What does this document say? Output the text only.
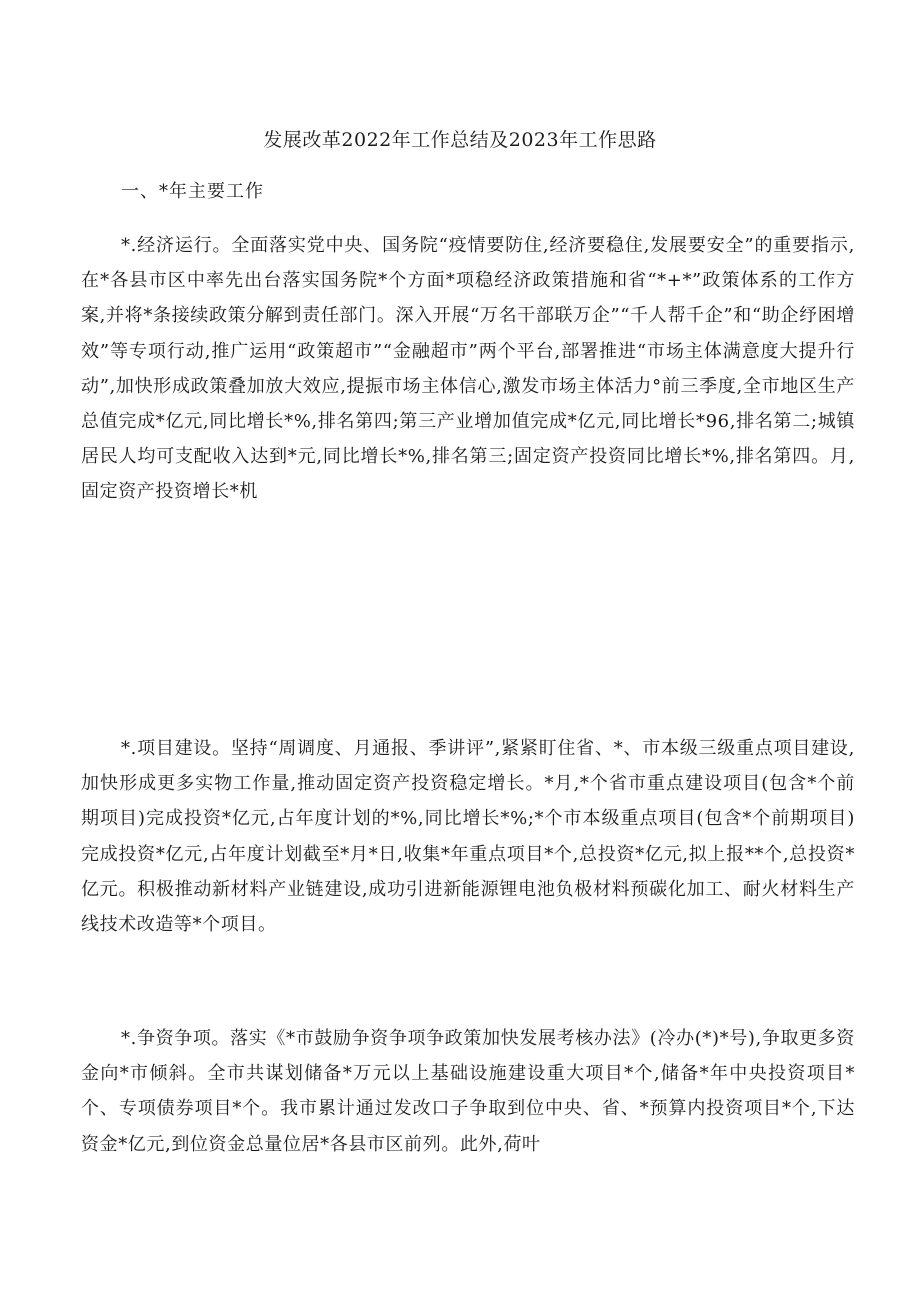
发展改革2022年工作总结及2023年工作思路
一、*年主要工作

*.经济运行。全面落实党中央、国务院“疫情要防住,经济要稳住,发展要安全”的重要指示,在*各县市区中率先出台落实国务院*个方面*项稳经济政策措施和省“*+*”政策体系的工作方案,并将*条接续政策分解到责任部门。深入开展“万名干部联万企”“千人帮千企”和“助企纾困增效”等专项行动,推广运用“政策超市”“金融超市”两个平台,部署推进“市场主体满意度大提升行动”,加快形成政策叠加放大效应,提振市场主体信心,激发市场主体活力°前三季度,全市地区生产总值完成*亿元,同比增长*%,排名第四;第三产业增加值完成*亿元,同比增长*96,排名第二;城镇居民人均可支配收入达到*元,同比增长*%,排名第三;固定资产投资同比增长*%,排名第四。月,固定资产投资增长*机

*.项目建设。坚持“周调度、月通报、季讲评”,紧紧盯住省、*、市本级三级重点项目建设,加快形成更多实物工作量,推动固定资产投资稳定增长。*月,*个省市重点建设项目(包含*个前期项目)完成投资*亿元,占年度计划的*%,同比增长*%;*个市本级重点项目(包含*个前期项目)完成投资*亿元,占年度计划截至*月*日,收集*年重点项目*个,总投资*亿元,拟上报**个,总投资*亿元。积极推动新材料产业链建设,成功引进新能源锂电池负极材料预碳化加工、耐火材料生产线技术改造等*个项目。

*.争资争项。落实《*市鼓励争资争项争政策加快发展考核办法》(冷办(*)*号),争取更多资金向*市倾斜。全市共谋划储备*万元以上基础设施建设重大项目*个,储备*年中央投资项目*个、专项债券项目*个。我市累计通过发改口子争取到位中央、省、*预算内投资项目*个,下达资金*亿元,到位资金总量位居*各县市区前列。此外,荷叶
